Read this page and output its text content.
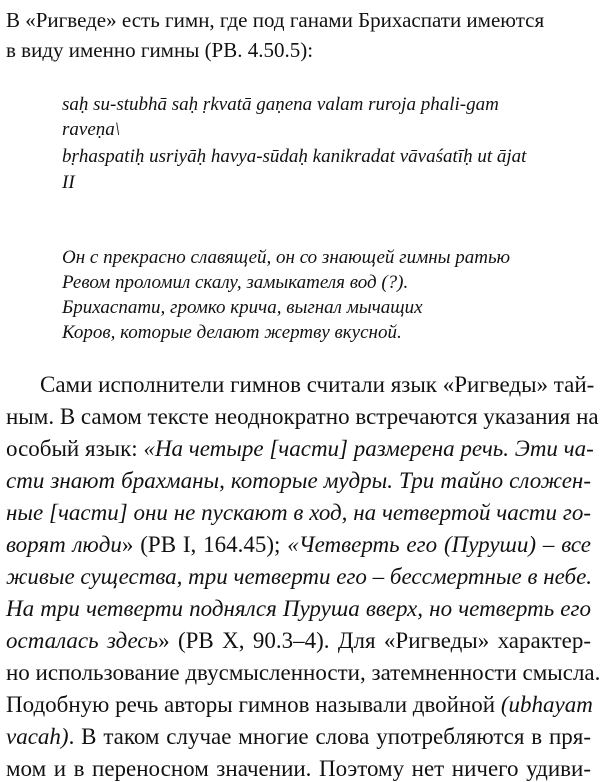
В «Ригведе» есть гимн, где под ганами Брихаспати имеются
в виду именно гимны (РВ. 4.50.5):
saḥ su-stubhā saḥ ṛkvatā gaṇena valam ruroja phali-gam
raveṇa\
bṛhaspatiḥ usriyāḥ havya-sūdaḥ kanikradat vāvaśatīḥ ut ājat
II
Он с прекрасно славящей, он со знающей гимны ратью
Ревом проломил скалу, замыкателя вод (?).
Брихаспати, громко крича, выгнал мычащих
Коров, которые делают жертву вкусной.
Сами исполнители гимнов считали язык «Ригведы» тай-
ным. В самом тексте неоднократно встречаются указания на
особый язык: «На четыре [части] размерена речь. Эти ча-
сти знают брахманы, которые мудры. Три тайно сложен-
ные [части] они не пускают в ход, на четвертой части го-
ворят люди» (РВ I, 164.45); «Четверть его (Пуруши) – все
живые существа, три четверти его – бессмертные в небе.
На три четверти поднялся Пуруша вверх, но четверть его
осталась здесь» (РВ X, 90.3–4). Для «Ригведы» характер-
но использование двусмысленности, затемненности смысла.
Подобную речь авторы гимнов называли двойной (ubhayam
vacah). В таком случае многие слова употребляются в пря-
мом и в переносном значении. Поэтому нет ничего удиви-
